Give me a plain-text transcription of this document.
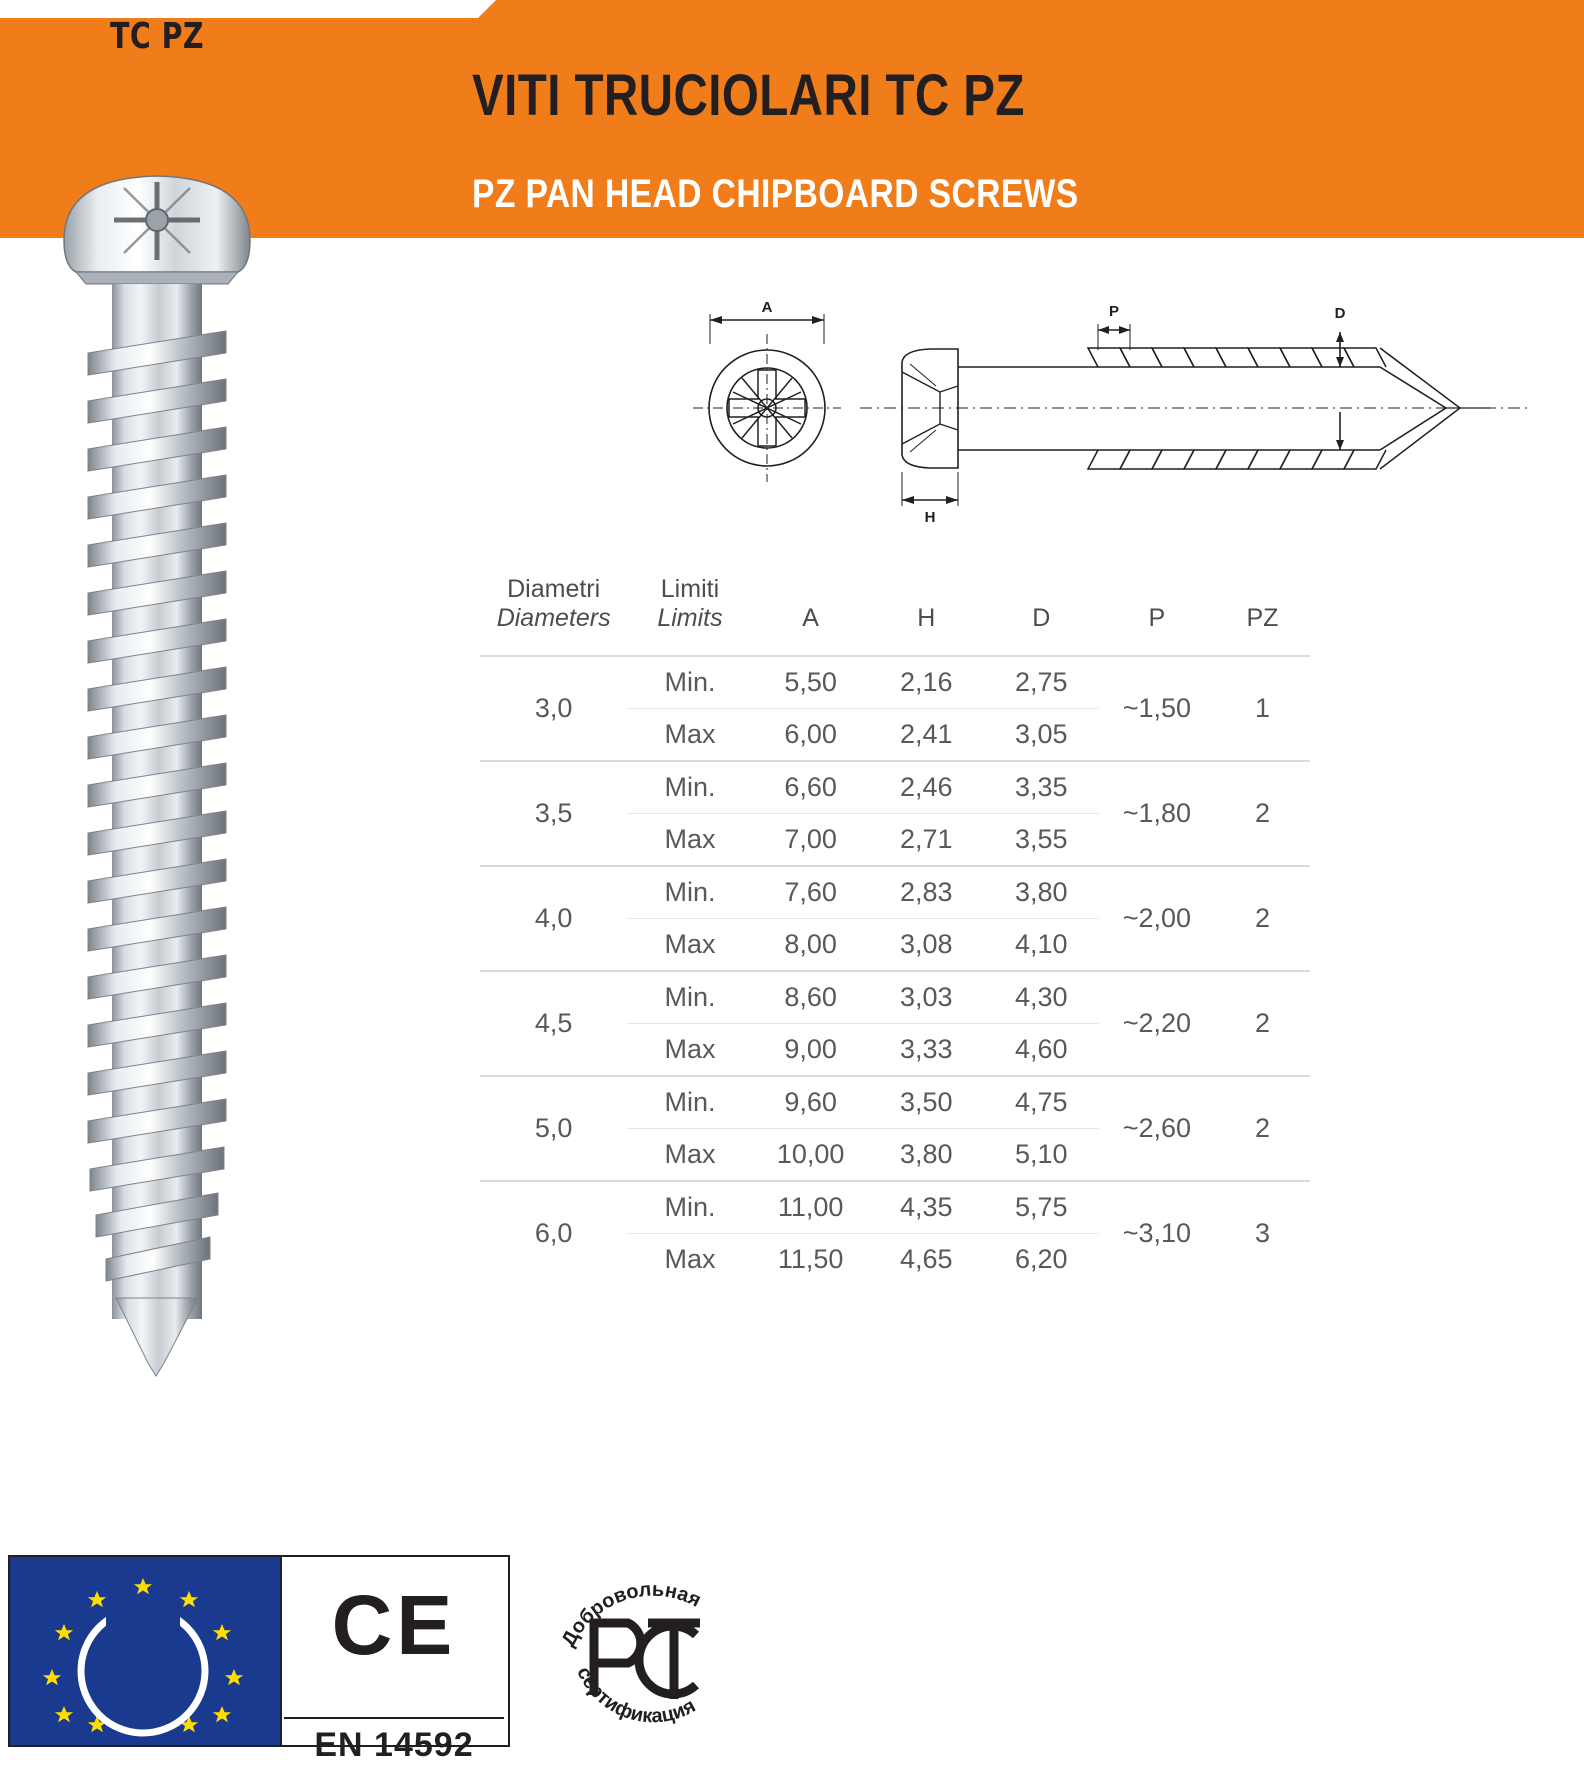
TC PZ
VITI TRUCIOLARI TC PZ
PZ PAN HEAD CHIPBOARD SCREWS
A
H
P	D
Diametri
Diameters	Limiti
Limits	A	H	D	P	PZ
3,0	Min.	5,50	2,16	2,75	~1,50	1
	Max	6,00	2,41	3,05		
3,5	Min.	6,60	2,46	3,35	~1,80	2
	Max	7,00	2,71	3,55		
4,0	Min.	7,60	2,83	3,80	~2,00	2
	Max	8,00	3,08	4,10		
4,5	Min.	8,60	3,03	4,30	~2,20	2
	Max	9,00	3,33	4,60		
5,0	Min.	9,60	3,50	4,75	~2,60	2
	Max	10,00	3,80	5,10		
6,0	Min.	11,00	4,35	5,75	~3,10	3
	Max	11,50	4,65	6,20		
CE
EN 14592
Добровольная
сертификация
